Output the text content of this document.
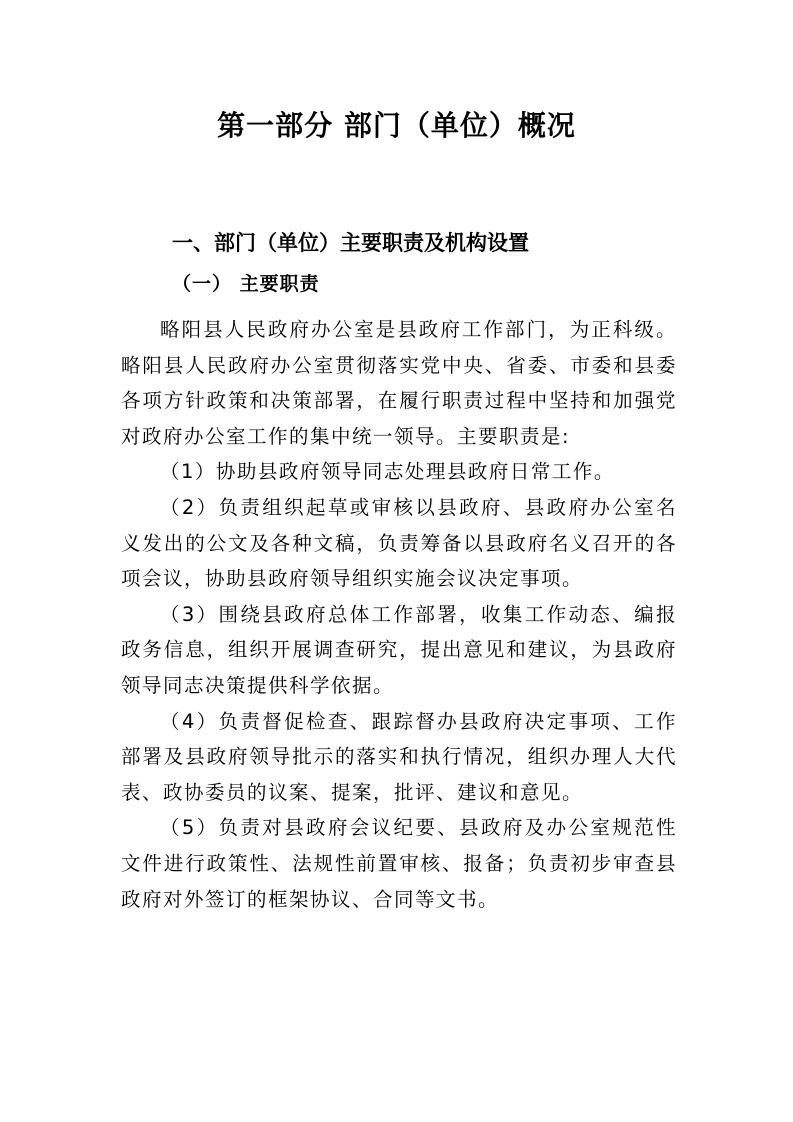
第一部分 部门（单位）概况
一、部门（单位）主要职责及机构设置
（一） 主要职责

略阳县人民政府办公室是县政府工作部门，为正科级。略阳县人民政府办公室贯彻落实党中央、省委、市委和县委各项方针政策和决策部署，在履行职责过程中坚持和加强党对政府办公室工作的集中统一领导。主要职责是:

（1）协助县政府领导同志处理县政府日常工作。

（2）负责组织起草或审核以县政府、县政府办公室名义发出的公文及各种文稿，负责筹备以县政府名义召开的各项会议，协助县政府领导组织实施会议决定事项。

（3）围绕县政府总体工作部署，收集工作动态、编报政务信息，组织开展调查研究，提出意见和建议，为县政府领导同志决策提供科学依据。

（4）负责督促检查、跟踪督办县政府决定事项、工作部署及县政府领导批示的落实和执行情况，组织办理人大代表、政协委员的议案、提案，批评、建议和意见。

（5）负责对县政府会议纪要、县政府及办公室规范性文件进行政策性、法规性前置审核、报备；负责初步审查县政府对外签订的框架协议、合同等文书。
